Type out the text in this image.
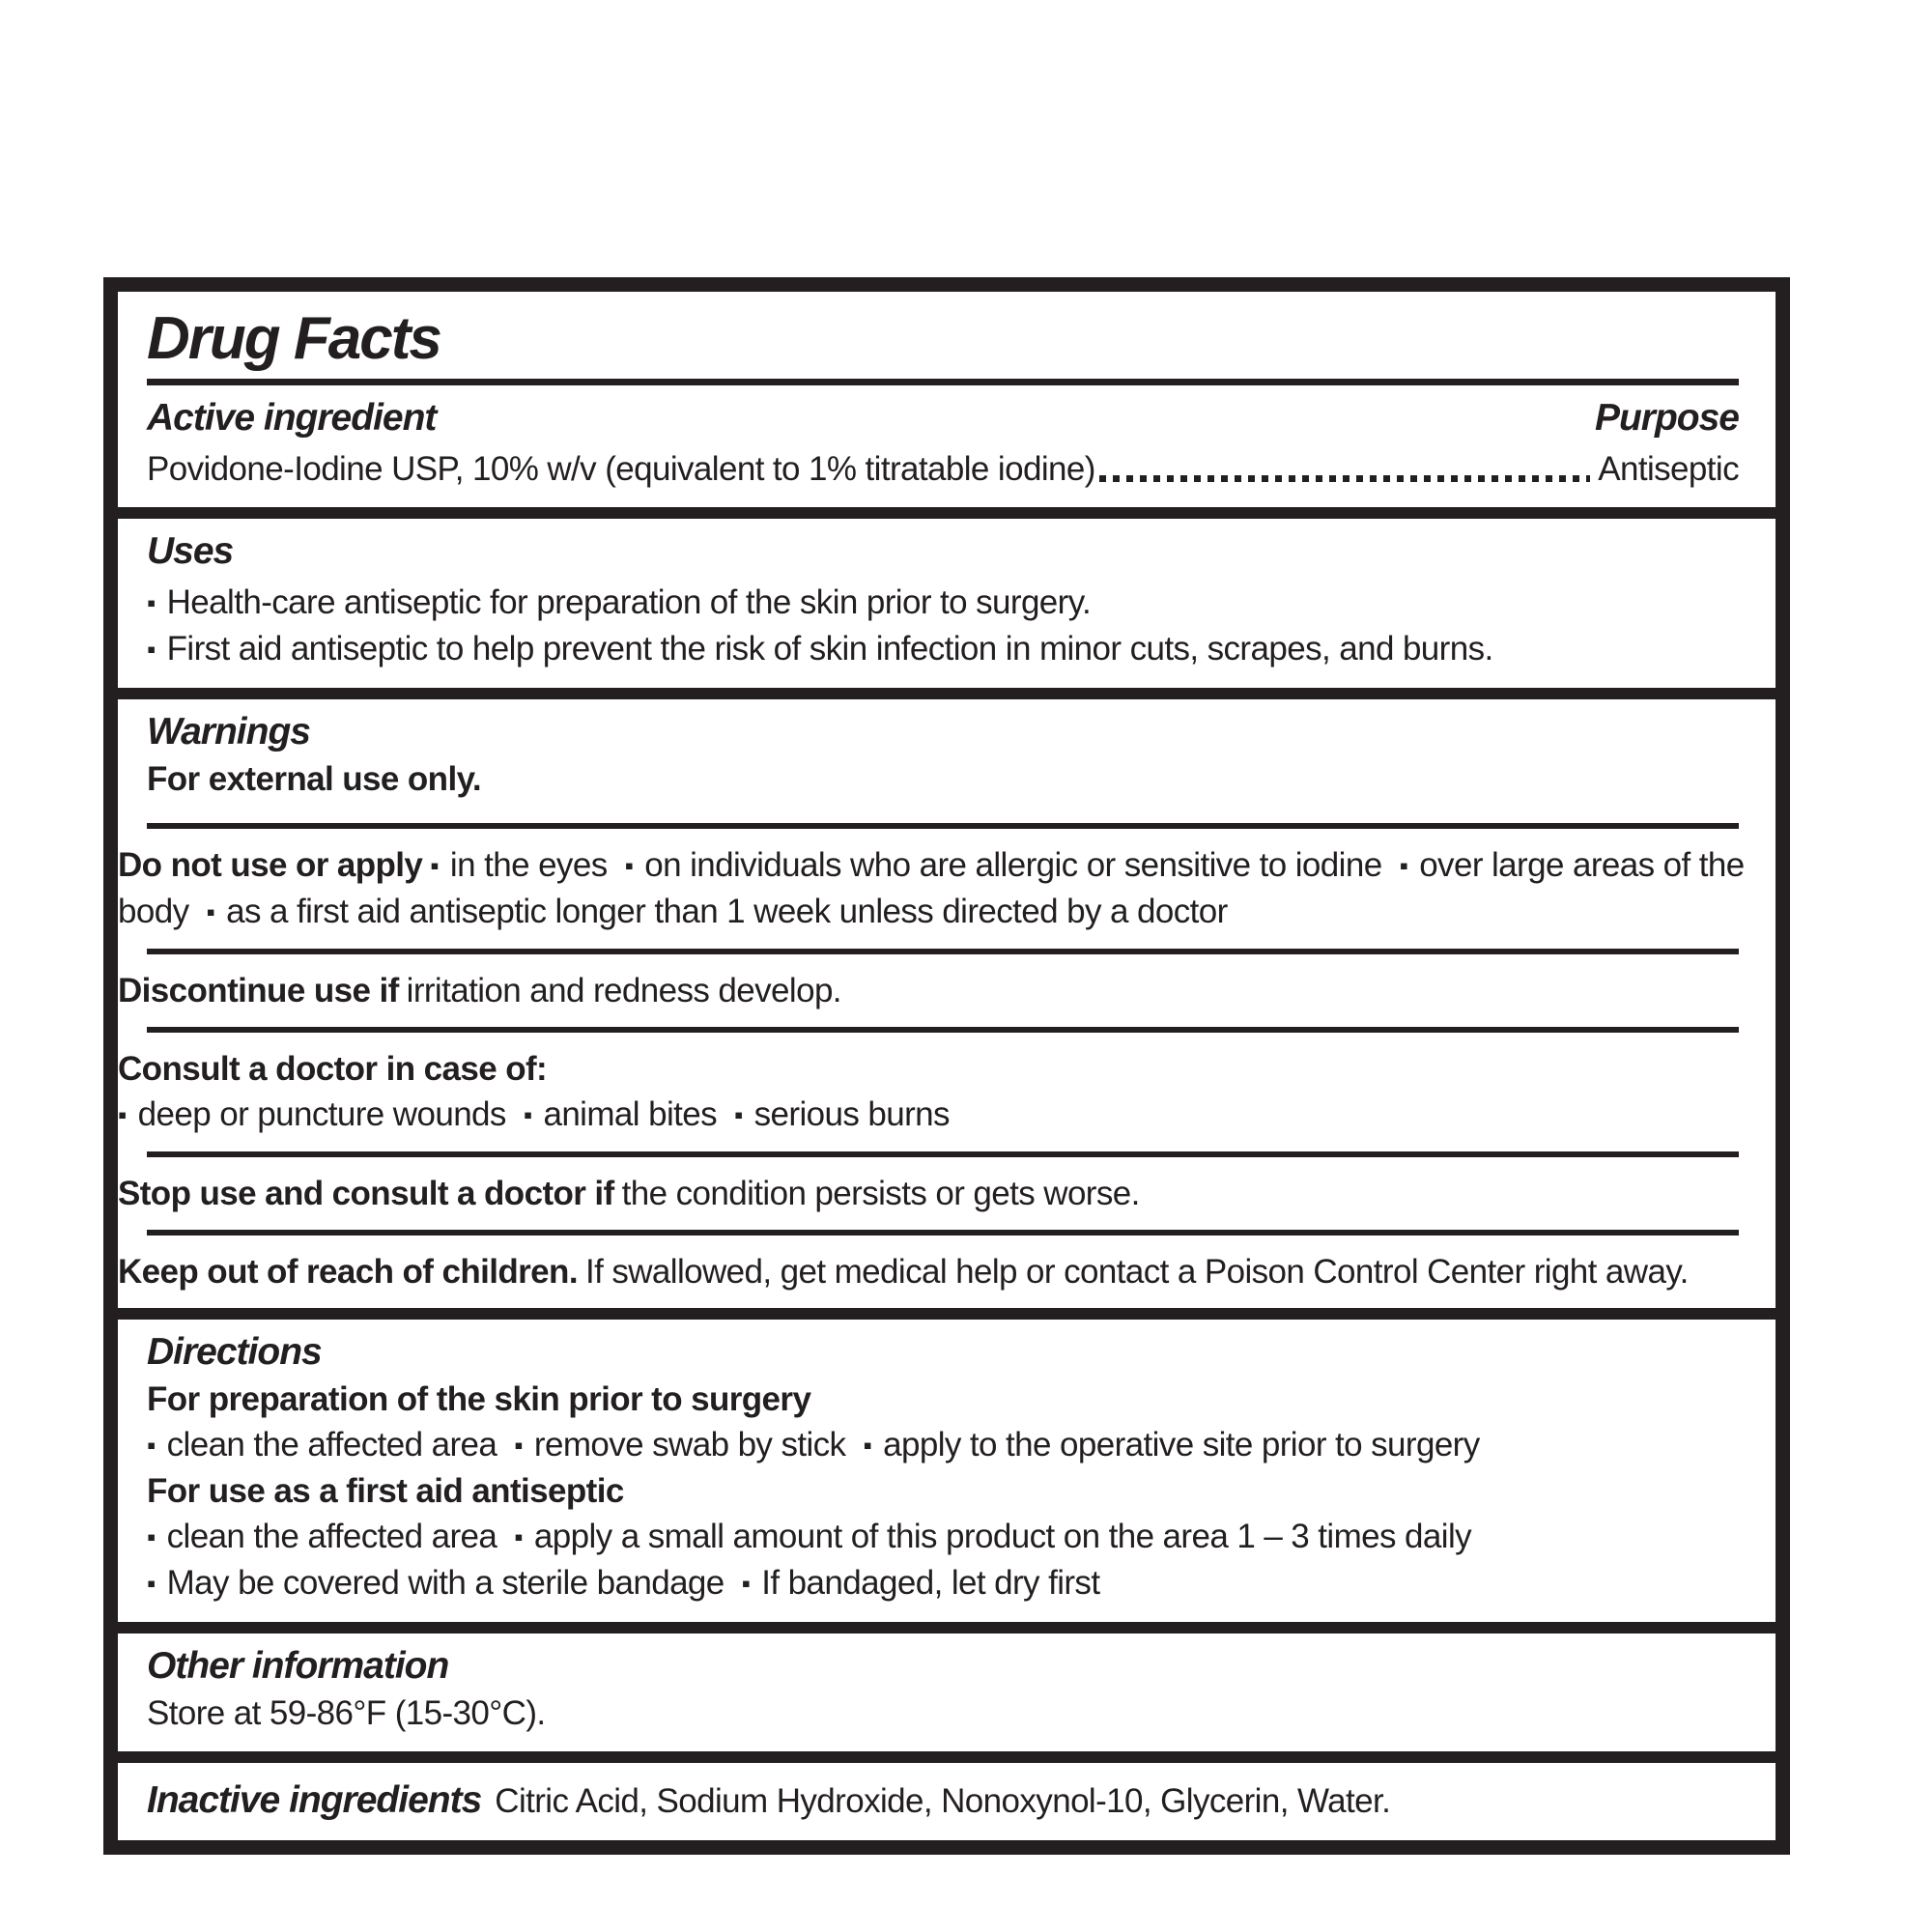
Drug Facts
Active ingredient	Purpose
Povidone-Iodine USP, 10% w/v (equivalent to 1% titratable iodine)	Antiseptic
Uses
▪ Health-care antiseptic for preparation of the skin prior to surgery.
▪ First aid antiseptic to help prevent the risk of skin infection in minor cuts, scrapes, and burns.
Warnings
For external use only.
Do not use or apply ▪ in the eyes ▪ on individuals who are allergic or sensitive to iodine ▪ over large areas of the body ▪ as a first aid antiseptic longer than 1 week unless directed by a doctor
Discontinue use if irritation and redness develop.
Consult a doctor in case of:
▪ deep or puncture wounds ▪ animal bites ▪ serious burns
Stop use and consult a doctor if the condition persists or gets worse.
Keep out of reach of children. If swallowed, get medical help or contact a Poison Control Center right away.
Directions
For preparation of the skin prior to surgery
▪ clean the affected area ▪ remove swab by stick ▪ apply to the operative site prior to surgery
For use as a first aid antiseptic
▪ clean the affected area ▪ apply a small amount of this product on the area 1 – 3 times daily
▪ May be covered with a sterile bandage ▪ If bandaged, let dry first
Other information
Store at 59-86°F (15-30°C).
Inactive ingredients Citric Acid, Sodium Hydroxide, Nonoxynol-10, Glycerin, Water.
